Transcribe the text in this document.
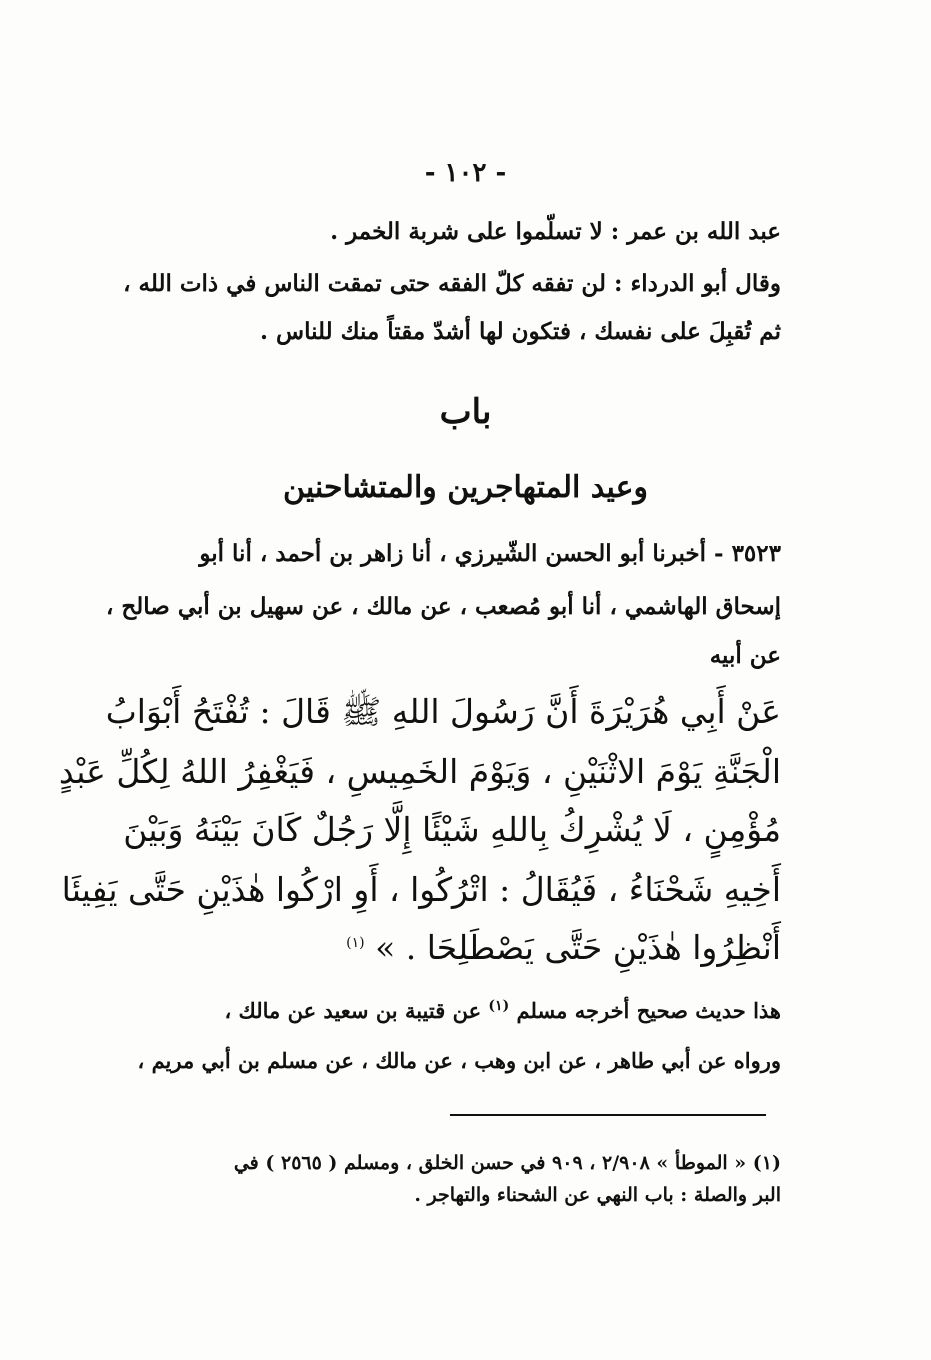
- ١٠٢ -
عبد الله بن عمر : لا تسلّموا على شربة الخمر .
وقال أبو الدرداء : لن تفقه كلّ الفقه حتى تمقت الناس في ذات الله ،
ثم تُقبِلَ على نفسك ، فتكون لها أشدّ مقتاً منك للناس .
باب
وعيد المتهاجرين والمتشاحنين
٣٥٢٣ - أخبرنا أبو الحسن الشّيرزي ، أنا زاهر بن أحمد ، أنا أبو
إسحاق الهاشمي ، أنا أبو مُصعب ، عن مالك ، عن سهيل بن أبي صالح ،
عن أبيه
عَنْ أَبِي هُرَيْرَةَ أَنَّ رَسُولَ اللهِ ﷺ قَالَ : تُفْتَحُ أَبْوَابُ
الْجَنَّةِ يَوْمَ الاثْنَيْنِ ، وَيَوْمَ الخَمِيسِ ، فَيَغْفِرُ اللهُ لِكُلِّ عَبْدٍ
مُؤْمِنٍ ، لَا يُشْرِكُ بِاللهِ شَيْئًا إِلَّا رَجُلٌ كَانَ بَيْنَهُ وَبَيْنَ
أَخِيهِ شَحْنَاءُ ، فَيُقَالُ : اتْرُكُوا ، أَوِ ارْكُوا هٰذَيْنِ حَتَّى يَفِيئَا
أَنْظِرُوا هٰذَيْنِ حَتَّى يَصْطَلِحَا . » $^{(١)}$
هذا حديث صحيح أخرجه مسلم $^{(١)}$ عن قتيبة بن سعيد عن مالك ،
ورواه عن أبي طاهر ، عن ابن وهب ، عن مالك ، عن مسلم بن أبي مريم ،
(١) « الموطأ » ٢/٩٠٨ ، ٩٠٩ في حسن الخلق ، ومسلم ( ٢٥٦٥ ) في
البر والصلة : باب النهي عن الشحناء والتهاجر .
